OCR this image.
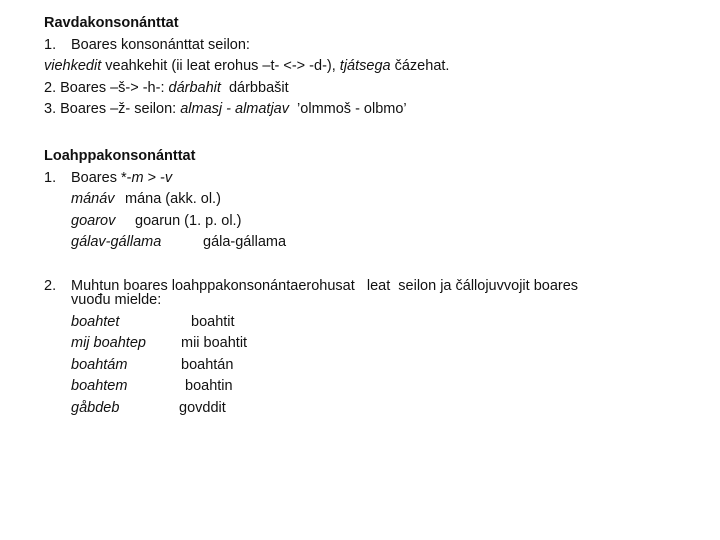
Ravdakonsonánttat
1. Boares konsonánttat seilon:
viehkedit veahkehit (ii leat erohus –t- <-> -d-), tjátsega čázehat.
2. Boares –š-> -h-: dárbahit  dárbbašit
3. Boares –ž- seilon: almasj - almatjav  ’olmmoš - olbmo’
Loahppakonsonánttat
1. Boares *-m > -v
mánáv mána (akk. ol.)
goarov	goarun (1. p. ol.)
gálav-gállama	gála-gállama
2. Muhtun boares loahppakonsonántaerohusat   leat  seilon ja čállojuvvojit boares
vuođu mielde:
boahtet	boahtit
mij boahtep	mii boahtit
boahtám	boahtán
boahtem	boahtin
gåbdeb	govddit
